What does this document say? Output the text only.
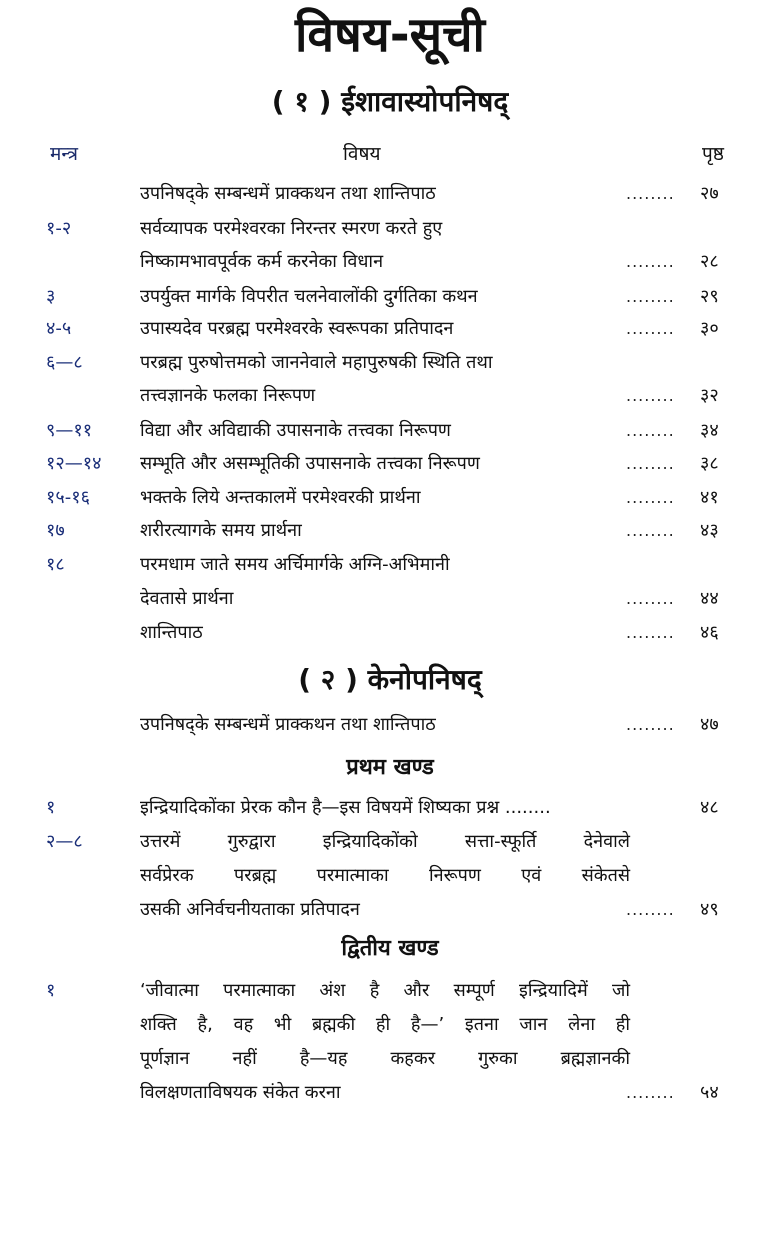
विषय-सूची
( १ ) ईशावास्योपनिषद्
मन्त्र	विषय	पृष्ठ
उपनिषद्के सम्बन्धमें प्राक्कथन तथा शान्तिपाठ	........ २७
१-२	सर्वव्यापक परमेश्वरका निरन्तर स्मरण करते हुए
निष्कामभावपूर्वक कर्म करनेका विधान	........ २८
३	उपर्युक्त मार्गके विपरीत चलनेवालोंकी दुर्गतिका कथन	........ २९
४-५	उपास्यदेव परब्रह्म परमेश्वरके स्वरूपका प्रतिपादन	........ ३०
६—८	परब्रह्म पुरुषोत्तमको जाननेवाले महापुरुषकी स्थिति तथा
तत्त्वज्ञानके फलका निरूपण	........ ३२
९—११	विद्या और अविद्याकी उपासनाके तत्त्वका निरूपण	........ ३४
१२—१४ सम्भूति और असम्भूतिकी उपासनाके तत्त्वका निरूपण	........ ३८
१५-१६	भक्तके लिये अन्तकालमें परमेश्वरकी प्रार्थना	........ ४१
१७	शरीरत्यागके समय प्रार्थना	........ ४३
१८	परमधाम जाते समय अर्चिमार्गके अग्नि-अभिमानी
देवतासे प्रार्थना	........ ४४
शान्तिपाठ	........ ४६
( २ ) केनोपनिषद्
उपनिषद्के सम्बन्धमें प्राक्कथन तथा शान्तिपाठ	........ ४७
प्रथम खण्ड
१	इन्द्रियादिकोंका प्रेरक कौन है—इस विषयमें शिष्यका प्रश्न ........	४८
२—८	उत्तरमें गुरुद्वारा इन्द्रियादिकोंको सत्ता-स्फूर्ति देनेवाले
सर्वप्रेरक परब्रह्म परमात्माका निरूपण एवं संकेतसे
उसकी अनिर्वचनीयताका प्रतिपादन	........ ४९
द्वितीय खण्ड
१	‘जीवात्मा परमात्माका अंश है और सम्पूर्ण इन्द्रियादिमें जो
शक्ति है, वह भी ब्रह्मकी ही है—’ इतना जान लेना ही
पूर्णज्ञान नहीं है—यह कहकर गुरुका ब्रह्मज्ञानकी
विलक्षणताविषयक संकेत करना	........ ५४
